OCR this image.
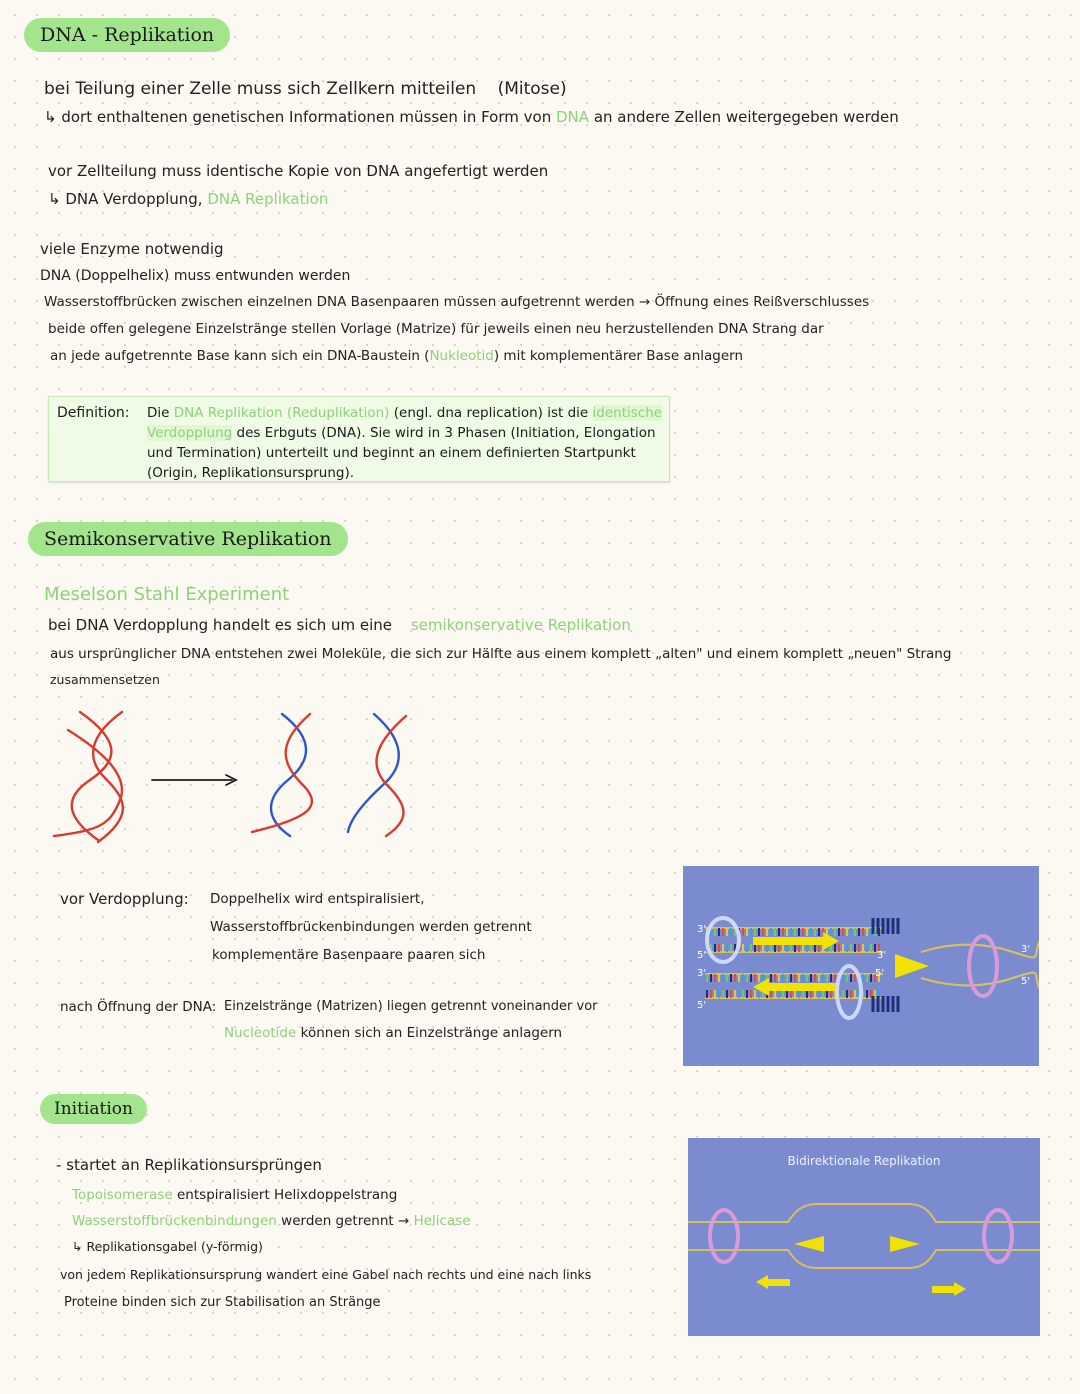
DNA - Replikation
bei Teilung einer Zelle muss sich Zellkern mitteilen (Mitose)
↳ dort enthaltenen genetischen Informationen müssen in Form von DNA an andere Zellen weitergegeben werden
vor Zellteilung muss identische Kopie von DNA angefertigt werden
↳ DNA Verdopplung, DNA Replikation
viele Enzyme notwendig
DNA (Doppelhelix) muss entwunden werden
Wasserstoffbrücken zwischen einzelnen DNA Basenpaaren müssen aufgetrennt werden → Öffnung eines Reißverschlusses
beide offen gelegene Einzelstränge stellen Vorlage (Matrize) für jeweils einen neu herzustellenden DNA Strang dar
an jede aufgetrennte Base kann sich ein DNA-Baustein (Nukleotid) mit komplementärer Base anlagern
Definition: Die DNA Replikation (Reduplikation) (engl. dna replication) ist die identische Verdopplung des Erbguts (DNA). Sie wird in 3 Phasen (Initiation, Elongation und Termination) unterteilt und beginnt an einem definierten Startpunkt (Origin, Replikationsursprung).
Semikonservative Replikation
Meselson Stahl Experiment
bei DNA Verdopplung handelt es sich um eine semikonservative Replikation
aus ursprünglicher DNA entstehen zwei Moleküle, die sich zur Hälfte aus einem komplett „alten" und einem komplett „neuen" Strang
zusammensetzen
vor Verdopplung: Doppelhelix wird entspiralisiert,
Wasserstoffbrückenbindungen werden getrennt
komplementäre Basenpaare paaren sich
nach Öffnung der DNA: Einzelstränge (Matrizen) liegen getrennt voneinander vor
Nucleotide können sich an Einzelstränge anlagern
3'
5'
3'
5'
3'
5'
3'
5'
Initiation
- startet an Replikationsursprüngen
Topoisomerase entspiralisiert Helixdoppelstrang
Wasserstoffbrückenbindungen werden getrennt → Helicase
↳ Replikationsgabel (y-förmig)
von jedem Replikationsursprung wandert eine Gabel nach rechts und eine nach links
Proteine binden sich zur Stabilisation an Stränge
Bidirektionale Replikation
